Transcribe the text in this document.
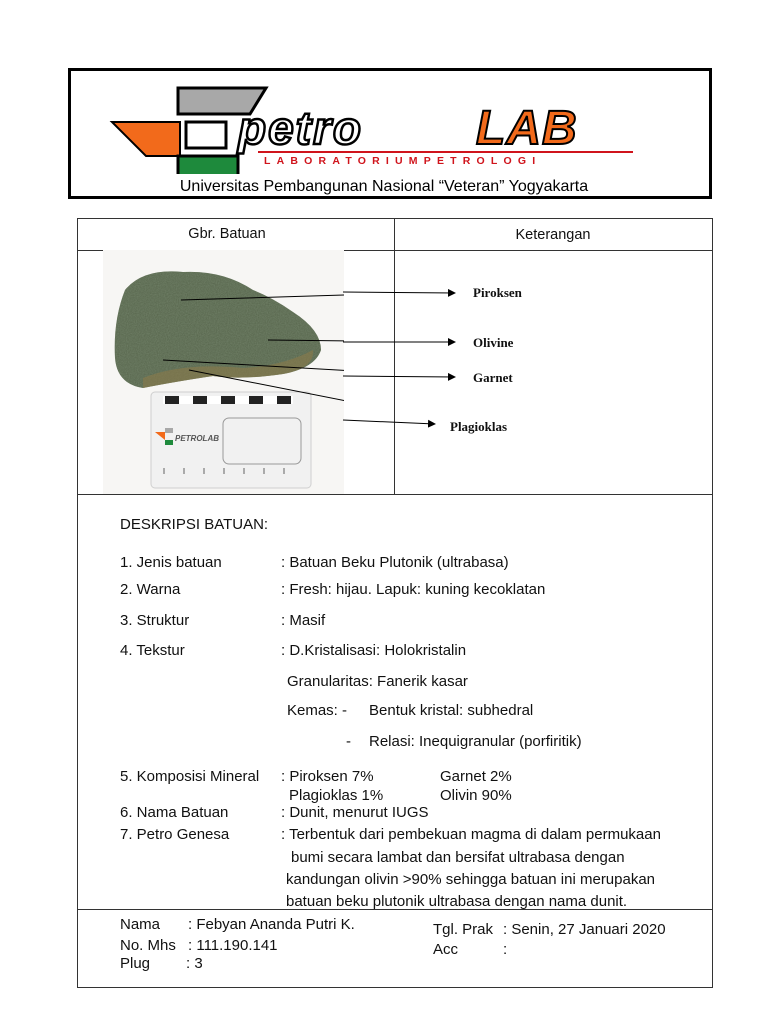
petro LAB
LABORATORIUMPETROLOGI
Universitas Pembangunan Nasional “Veteran” Yogyakarta
Gbr. Batuan	Keterangan
PETROLAB
Piroksen
Olivine
Garnet
Plagioklas
DESKRIPSI BATUAN:
1. Jenis batuan	: Batuan Beku Plutonik (ultrabasa)
2. Warna	: Fresh: hijau. Lapuk: kuning kecoklatan
3. Struktur	: Masif
4. Tekstur	: D.Kristalisasi: Holokristalin
Granularitas: Fanerik kasar
Kemas: - Bentuk kristal: subhedral
- Relasi: Inequigranular (porfiritik)
5. Komposisi Mineral : Piroksen 7%	Garnet 2%
Plagioklas 1%	Olivin 90%
6. Nama Batuan	: Dunit, menurut IUGS
7. Petro Genesa	: Terbentuk dari pembekuan magma di dalam permukaan
bumi secara lambat dan bersifat ultrabasa dengan
kandungan olivin >90% sehingga batuan ini merupakan
batuan beku plutonik ultrabasa dengan nama dunit.
Nama : Febyan Ananda Putri K.
No. Mhs : 111.190.141
Plug : 3
Tgl. Prak : Senin, 27 Januari 2020
Acc	:
